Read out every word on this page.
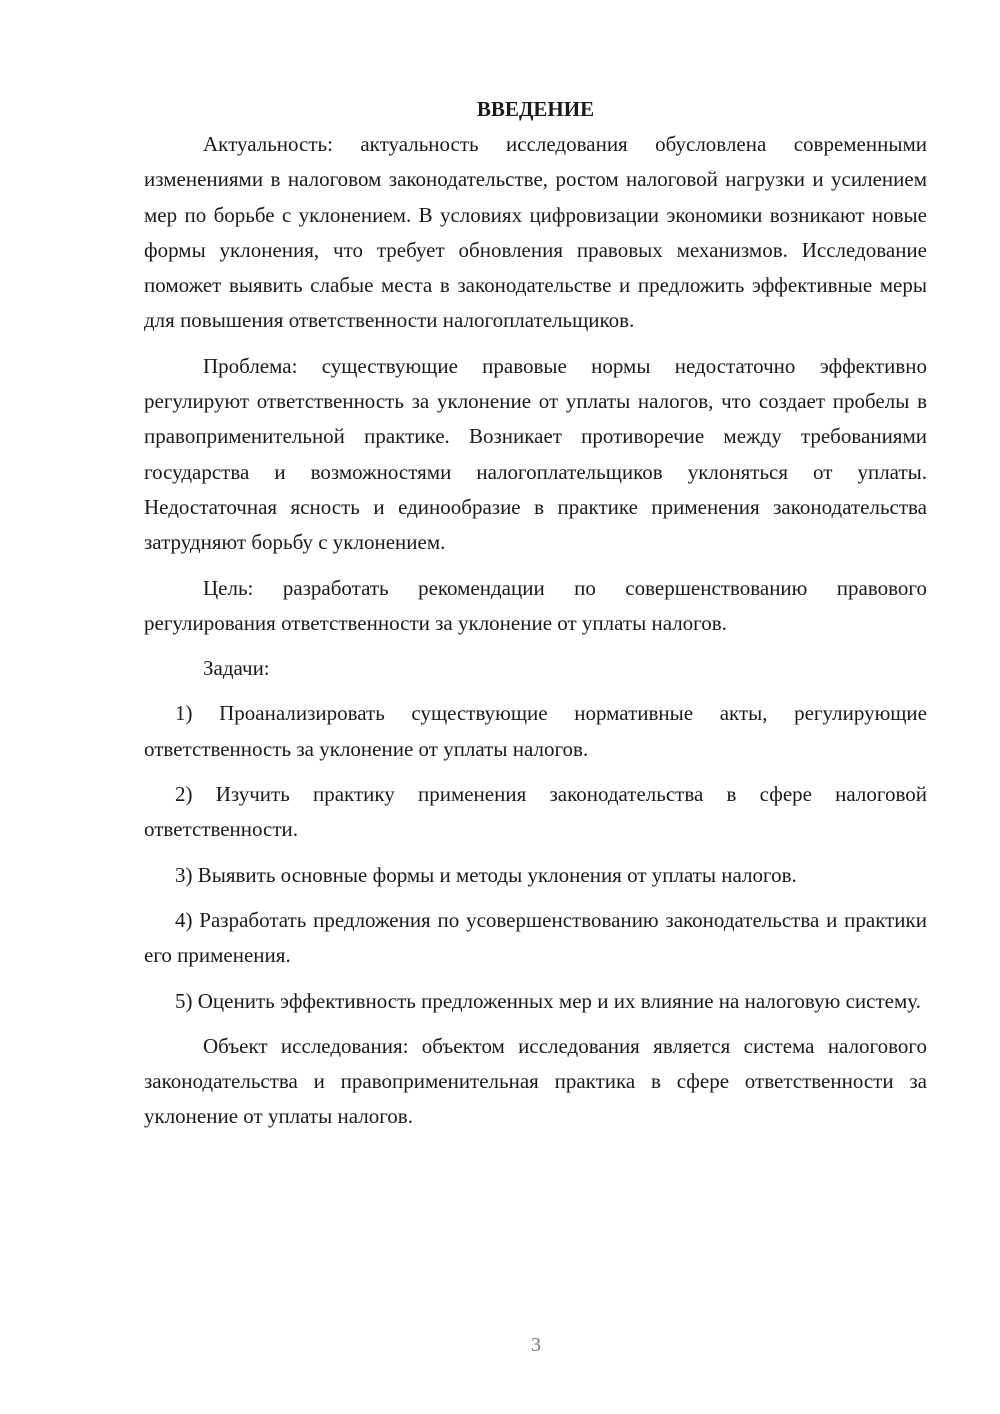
ВВЕДЕНИЕ

Актуальность: актуальность исследования обусловлена современными изменениями в налоговом законодательстве, ростом налоговой нагрузки и усилением мер по борьбе с уклонением. В условиях цифровизации экономики возникают новые формы уклонения, что требует обновления правовых механизмов. Исследование поможет выявить слабые места в законодательстве и предложить эффективные меры для повышения ответственности налогоплательщиков.

Проблема: существующие правовые нормы недостаточно эффективно регулируют ответственность за уклонение от уплаты налогов, что создает пробелы в правоприменительной практике. Возникает противоречие между требованиями государства и возможностями налогоплательщиков уклоняться от уплаты. Недостаточная ясность и единообразие в практике применения законодательства затрудняют борьбу с уклонением.

Цель: разработать рекомендации по совершенствованию правового регулирования ответственности за уклонение от уплаты налогов.

Задачи:

1) Проанализировать существующие нормативные акты, регулирующие ответственность за уклонение от уплаты налогов.

2) Изучить практику применения законодательства в сфере налоговой ответственности.

3) Выявить основные формы и методы уклонения от уплаты налогов.

4) Разработать предложения по усовершенствованию законодательства и практики его применения.

5) Оценить эффективность предложенных мер и их влияние на налоговую систему.

Объект исследования: объектом исследования является система налогового законодательства и правоприменительная практика в сфере ответственности за уклонение от уплаты налогов.

3
